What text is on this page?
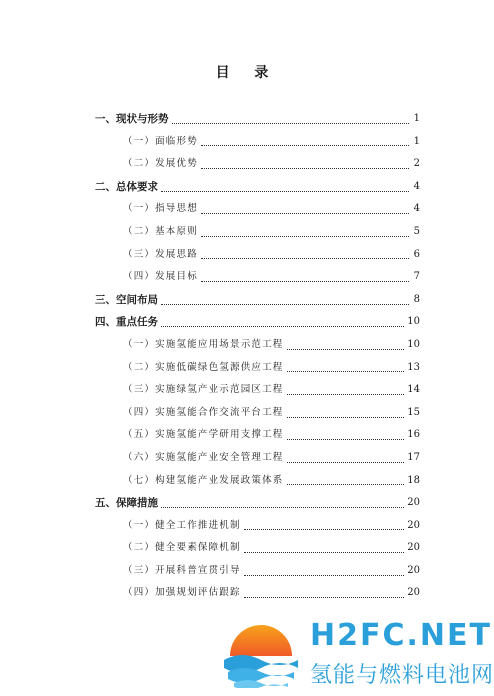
目 录
一、现状与形势	1
（一）面临形势	1
（二）发展优势	2
二、总体要求	4
（一）指导思想	4
（二）基本原则	5
（三）发展思路	6
（四）发展目标	7
三、空间布局	8
四、重点任务	10
（一）实施氢能应用场景示范工程	10
（二）实施低碳绿色氢源供应工程	13
（三）实施绿氢产业示范园区工程	14
（四）实施氢能合作交流平台工程	15
（五）实施氢能产学研用支撑工程	16
（六）实施氢能产业安全管理工程	17
（七）构建氢能产业发展政策体系	18
五、保障措施	20
（一）健全工作推进机制	20
（二）健全要素保障机制	20
（三）开展科普宣贯引导	20
（四）加强规划评估跟踪	20
H2FC.NET
氢能与燃料电池网
